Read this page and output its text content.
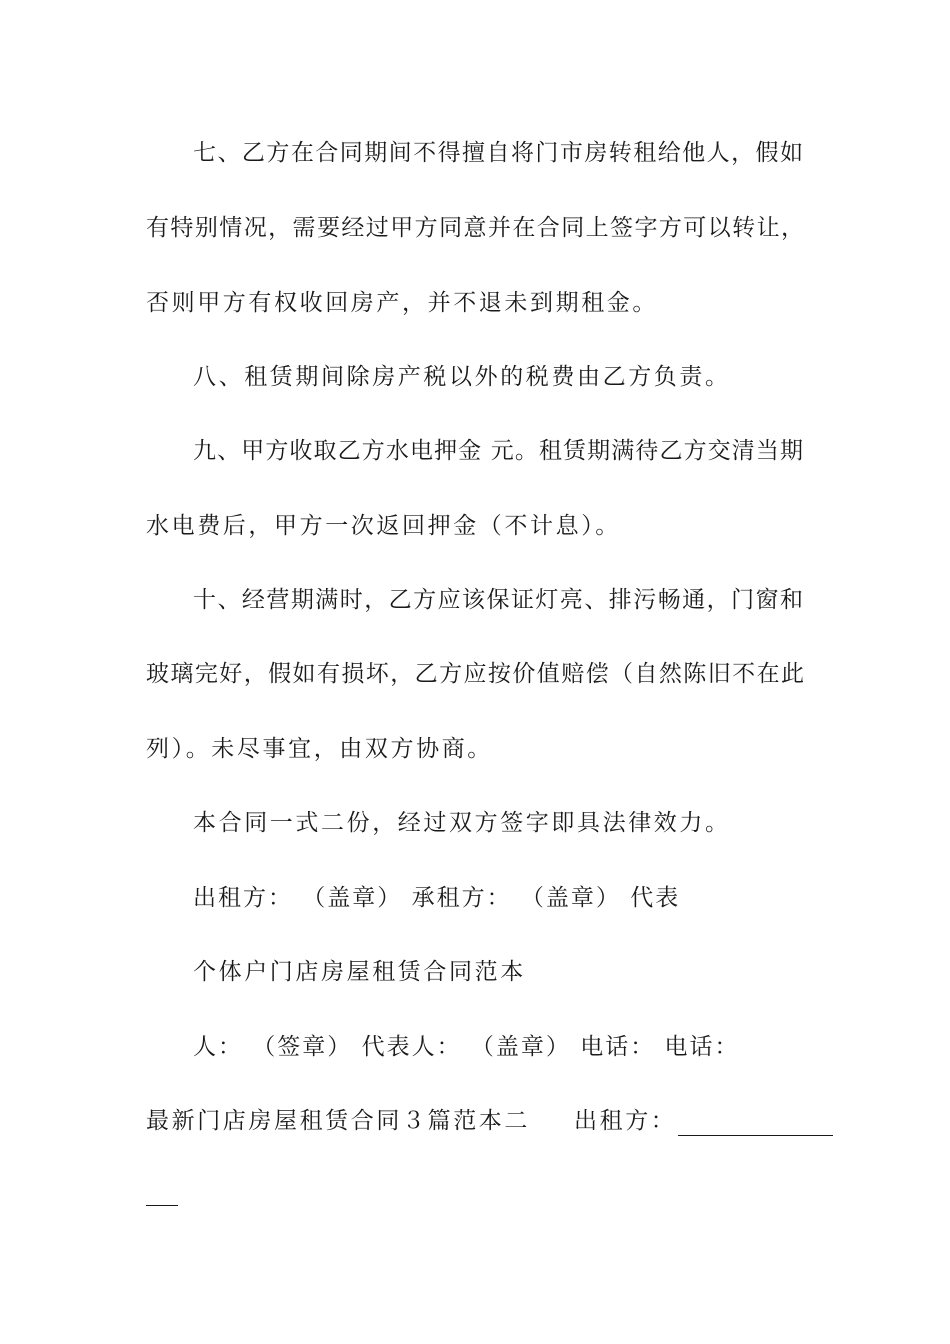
七、乙方在合同期间不得擅自将门市房转租给他人，假如
有特别情况，需要经过甲方同意并在合同上签字方可以转让，
否则甲方有权收回房产，并不退未到期租金。
八、租赁期间除房产税以外的税费由乙方负责。
九、甲方收取乙方水电押金 元。租赁期满待乙方交清当期
水电费后，甲方一次返回押金（不计息）。
十、经营期满时，乙方应该保证灯亮、排污畅通，门窗和
玻璃完好，假如有损坏，乙方应按价值赔偿（自然陈旧不在此
列）。未尽事宜，由双方协商。
本合同一式二份，经过双方签字即具法律效力。
出租方： （盖章） 承租方： （盖章） 代表
个体户门店房屋租赁合同范本
人： （签章） 代表人： （盖章） 电话： 电话：
最新门店房屋租赁合同３篇范本二 出租方：
